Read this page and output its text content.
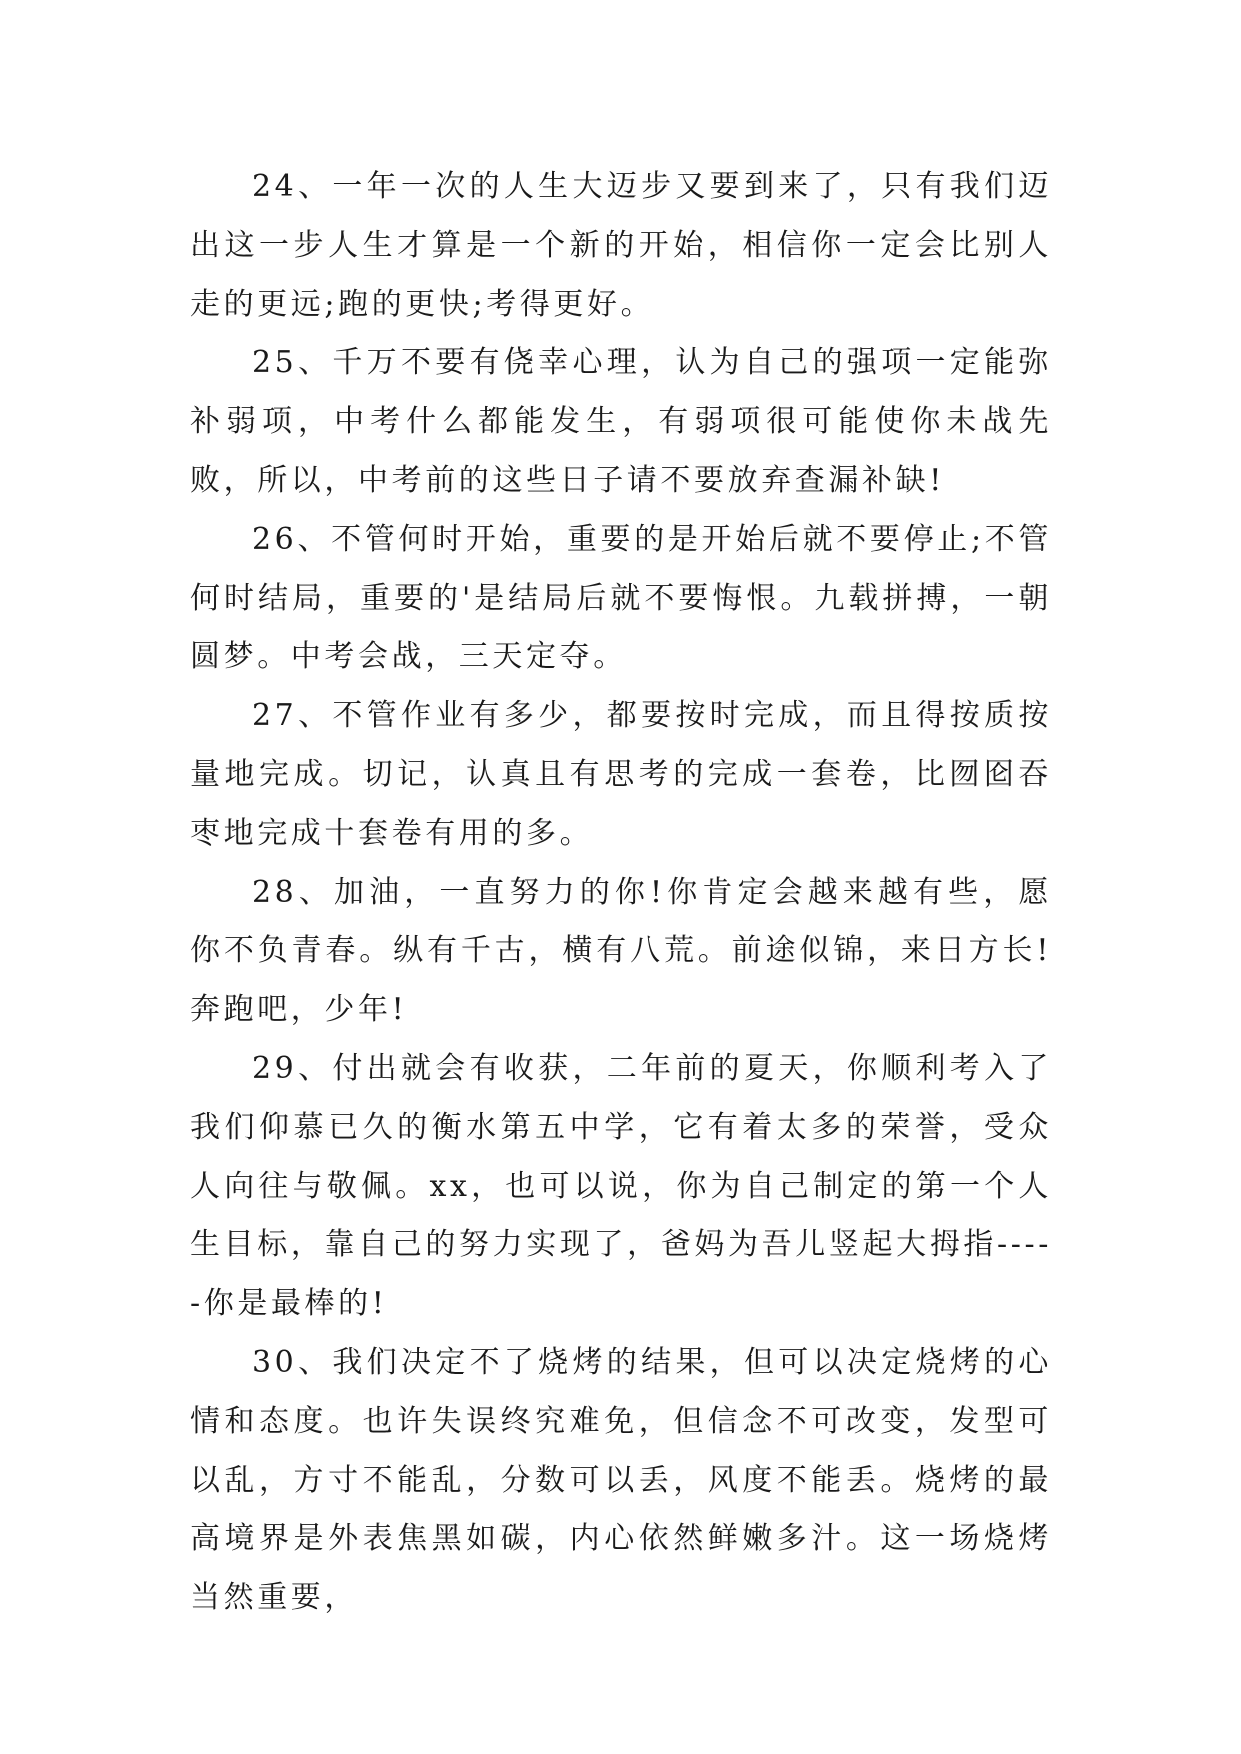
24、一年一次的人生大迈步又要到来了，只有我们迈出这一步人生才算是一个新的开始，相信你一定会比别人走的更远;跑的更快;考得更好。

25、千万不要有侥幸心理，认为自己的强项一定能弥补弱项，中考什么都能发生，有弱项很可能使你未战先败，所以，中考前的这些日子请不要放弃查漏补缺!

26、不管何时开始，重要的是开始后就不要停止;不管何时结局，重要的'是结局后就不要悔恨。九载拼搏，一朝圆梦。中考会战，三天定夺。

27、不管作业有多少，都要按时完成，而且得按质按量地完成。切记，认真且有思考的完成一套卷，比囫囵吞枣地完成十套卷有用的多。

28、加油，一直努力的你!你肯定会越来越有些，愿你不负青春。纵有千古，横有八荒。前途似锦，来日方长!奔跑吧，少年!

29、付出就会有收获，二年前的夏天，你顺利考入了我们仰慕已久的衡水第五中学，它有着太多的荣誉，受众人向往与敬佩。xx，也可以说，你为自己制定的第一个人生目标，靠自己的努力实现了，爸妈为吾儿竖起大拇指-----你是最棒的!

30、我们决定不了烧烤的结果，但可以决定烧烤的心情和态度。也许失误终究难免，但信念不可改变，发型可以乱，方寸不能乱，分数可以丢，风度不能丢。烧烤的最高境界是外表焦黑如碳，内心依然鲜嫩多汁。这一场烧烤当然重要，
